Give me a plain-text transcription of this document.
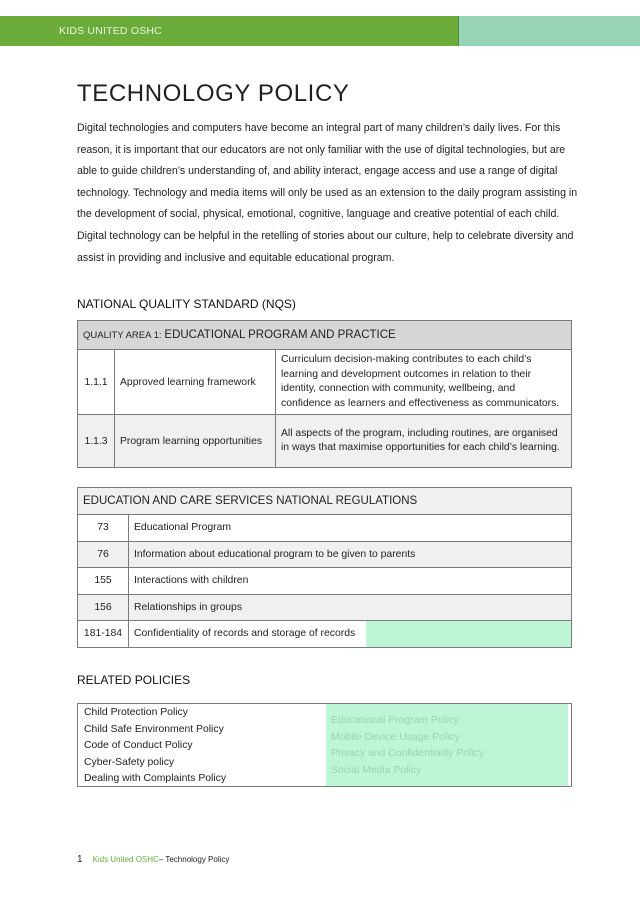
KIDS UNITED OSHC
TECHNOLOGY POLICY
Digital technologies and computers have become an integral part of many children’s daily lives. For this reason, it is important that our educators are not only familiar with the use of digital technologies, but are able to guide children’s understanding of, and ability interact, engage access and use a range of digital technology. Technology and media items will only be used as an extension to the daily program assisting in the development of social, physical, emotional, cognitive, language and creative potential of each child. Digital technology can be helpful in the retelling of stories about our culture, help to celebrate diversity and assist in providing and inclusive and equitable educational program.
NATIONAL QUALITY STANDARD (NQS)
QUALITY AREA 1: EDUCATIONAL PROGRAM AND PRACTICE		
1.1.1	Approved learning framework	Curriculum decision-making contributes to each child’s learning and development outcomes in relation to their identity, connection with community, wellbeing, and confidence as learners and effectiveness as communicators.
1.1.3	Program learning opportunities	All aspects of the program, including routines, are organised in ways that maximise opportunities for each child’s learning.
EDUCATION AND CARE SERVICES NATIONAL REGULATIONS	
73	Educational Program
76	Information about educational program to be given to parents
155	Interactions with children
156	Relationships in groups
181-184	Confidentiality of records and storage of records
RELATED POLICIES
Child Protection Policy
Child Safe Environment Policy
Code of Conduct Policy
Cyber-Safety policy
Dealing with Complaints Policy
Educational Program Policy
Mobile Device Usage Policy
Privacy and Confidentiality Policy
Social Media Policy
1 Kids United OSHC – Technology Policy
